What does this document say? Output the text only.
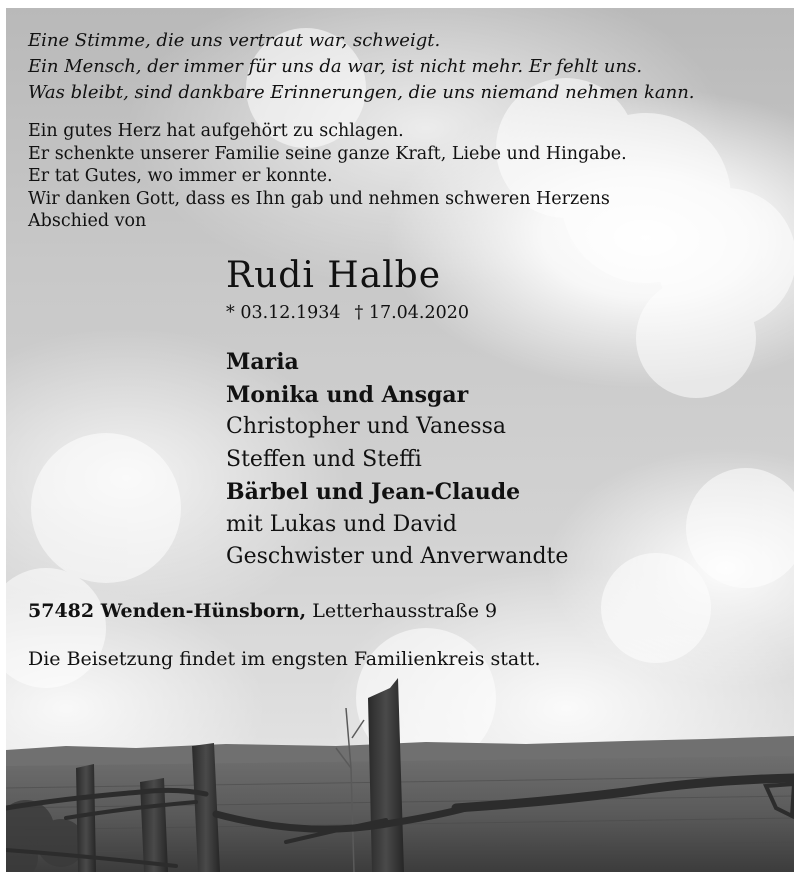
Eine Stimme, die uns vertraut war, schweigt.
Ein Mensch, der immer für uns da war, ist nicht mehr. Er fehlt uns.
Was bleibt, sind dankbare Erinnerungen, die uns niemand nehmen kann.
Ein gutes Herz hat aufgehört zu schlagen.
Er schenkte unserer Familie seine ganze Kraft, Liebe und Hingabe.
Er tat Gutes, wo immer er konnte.
Wir danken Gott, dass es Ihn gab und nehmen schweren Herzens
Abschied von
Rudi Halbe
* 03.12.1934 † 17.04.2020
Maria
Monika und Ansgar
Christopher und Vanessa
Steffen und Steffi
Bärbel und Jean-Claude
mit Lukas und David
Geschwister und Anverwandte
57482 Wenden-Hünsborn, Letterhausstraße 9
Die Beisetzung findet im engsten Familienkreis statt.
